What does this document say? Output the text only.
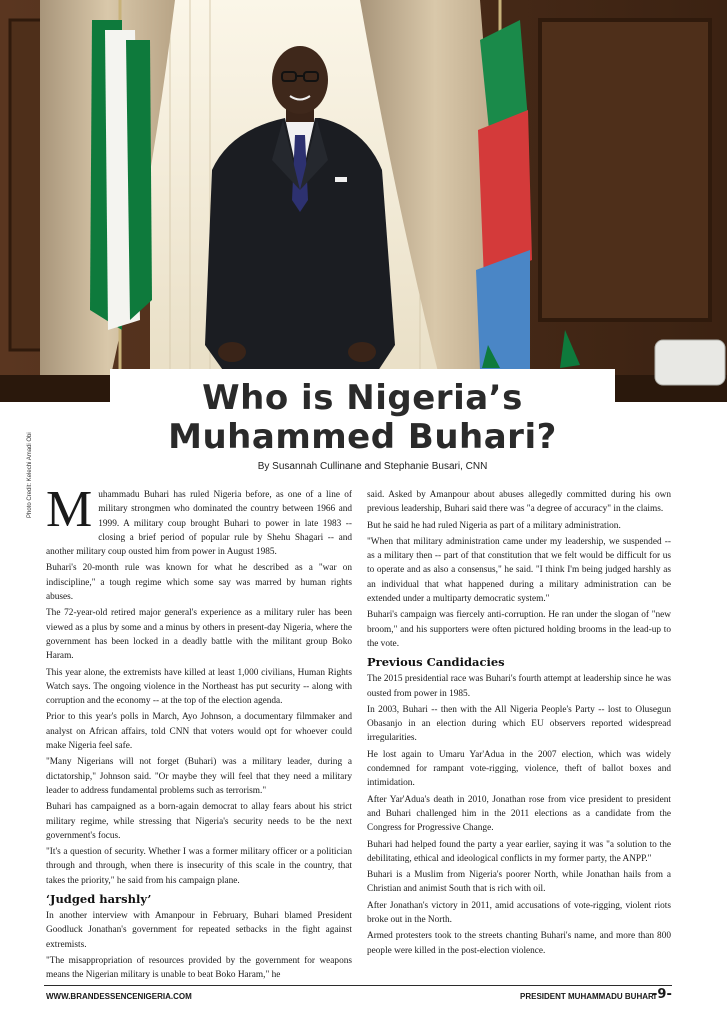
Who is Nigeria’s
Muhammed Buhari?
By Susannah Cullinane and Stephanie Busari, CNN
Photo Credit: Kelechi Amadi Obi Muhammadu Buhari has ruled Nigeria before, as one of a line of military strongmen who dominated the country between 1966 and 1999. A military coup brought Buhari to power in late 1983 -- closing a brief period of popular rule by Shehu Shagari -- and another military coup ousted him from power in August 1985.

Buhari's 20-month rule was known for what he described as a "war on indiscipline," a tough regime which some say was marred by human rights abuses.

The 72-year-old retired major general's experience as a military ruler has been viewed as a plus by some and a minus by others in present-day Nigeria, where the government has been locked in a deadly battle with the militant group Boko Haram.

This year alone, the extremists have killed at least 1,000 civilians, Human Rights Watch says. The ongoing violence in the Northeast has put security -- along with corruption and the economy -- at the top of the election agenda.

Prior to this year's polls in March, Ayo Johnson, a documentary filmmaker and analyst on African affairs, told CNN that voters would opt for whoever could make Nigeria feel safe.

"Many Nigerians will not forget (Buhari) was a military leader, during a dictatorship," Johnson said. "Or maybe they will feel that they need a military leader to address fundamental problems such as terrorism."

Buhari has campaigned as a born-again democrat to allay fears about his strict military regime, while stressing that Nigeria's security needs to be the next government's focus.

"It's a question of security. Whether I was a former military officer or a politician through and through, when there is insecurity of this scale in the country, that takes the priority," he said from his campaign plane.

‘Judged harshly’

In another interview with Amanpour in February, Buhari blamed President Goodluck Jonathan's government for repeated setbacks in the fight against extremists.

"The misappropriation of resources provided by the government for weapons means the Nigerian military is unable to beat Boko Haram," he

said. Asked by Amanpour about abuses allegedly committed during his own previous leadership, Buhari said there was "a degree of accuracy" in the claims.

But he said he had ruled Nigeria as part of a military administration.

"When that military administration came under my leadership, we suspended -- as a military then -- part of that constitution that we felt would be difficult for us to operate and as also a consensus," he said. "I think I'm being judged harshly as an individual that what happened during a military administration can be extended under a multiparty democratic system."

Buhari's campaign was fiercely anti-corruption. He ran under the slogan of "new broom," and his supporters were often pictured holding brooms in the lead-up to the vote.

Previous Candidacies

The 2015 presidential race was Buhari's fourth attempt at leadership since he was ousted from power in 1985.

In 2003, Buhari -- then with the All Nigeria People's Party -- lost to Olusegun Obasanjo in an election during which EU observers reported widespread irregularities.

He lost again to Umaru Yar'Adua in the 2007 election, which was widely condemned for rampant vote-rigging, violence, theft of ballot boxes and intimidation.

After Yar'Adua's death in 2010, Jonathan rose from vice president to president and Buhari challenged him in the 2011 elections as a candidate from the Congress for Progressive Change.

Buhari had helped found the party a year earlier, saying it was "a solution to the debilitating, ethical and ideological conflicts in my former party, the ANPP."

Buhari is a Muslim from Nigeria's poorer North, while Jonathan hails from a Christian and animist South that is rich with oil.

After Jonathan's victory in 2011, amid accusations of vote-rigging, violent riots broke out in the North.

Armed protesters took to the streets chanting Buhari's name, and more than 800 people were killed in the post-election violence.

WWW.BRANDESSENCENIGERIA.COM	PRESIDENT MUHAMMADU BUHARI
-9-
